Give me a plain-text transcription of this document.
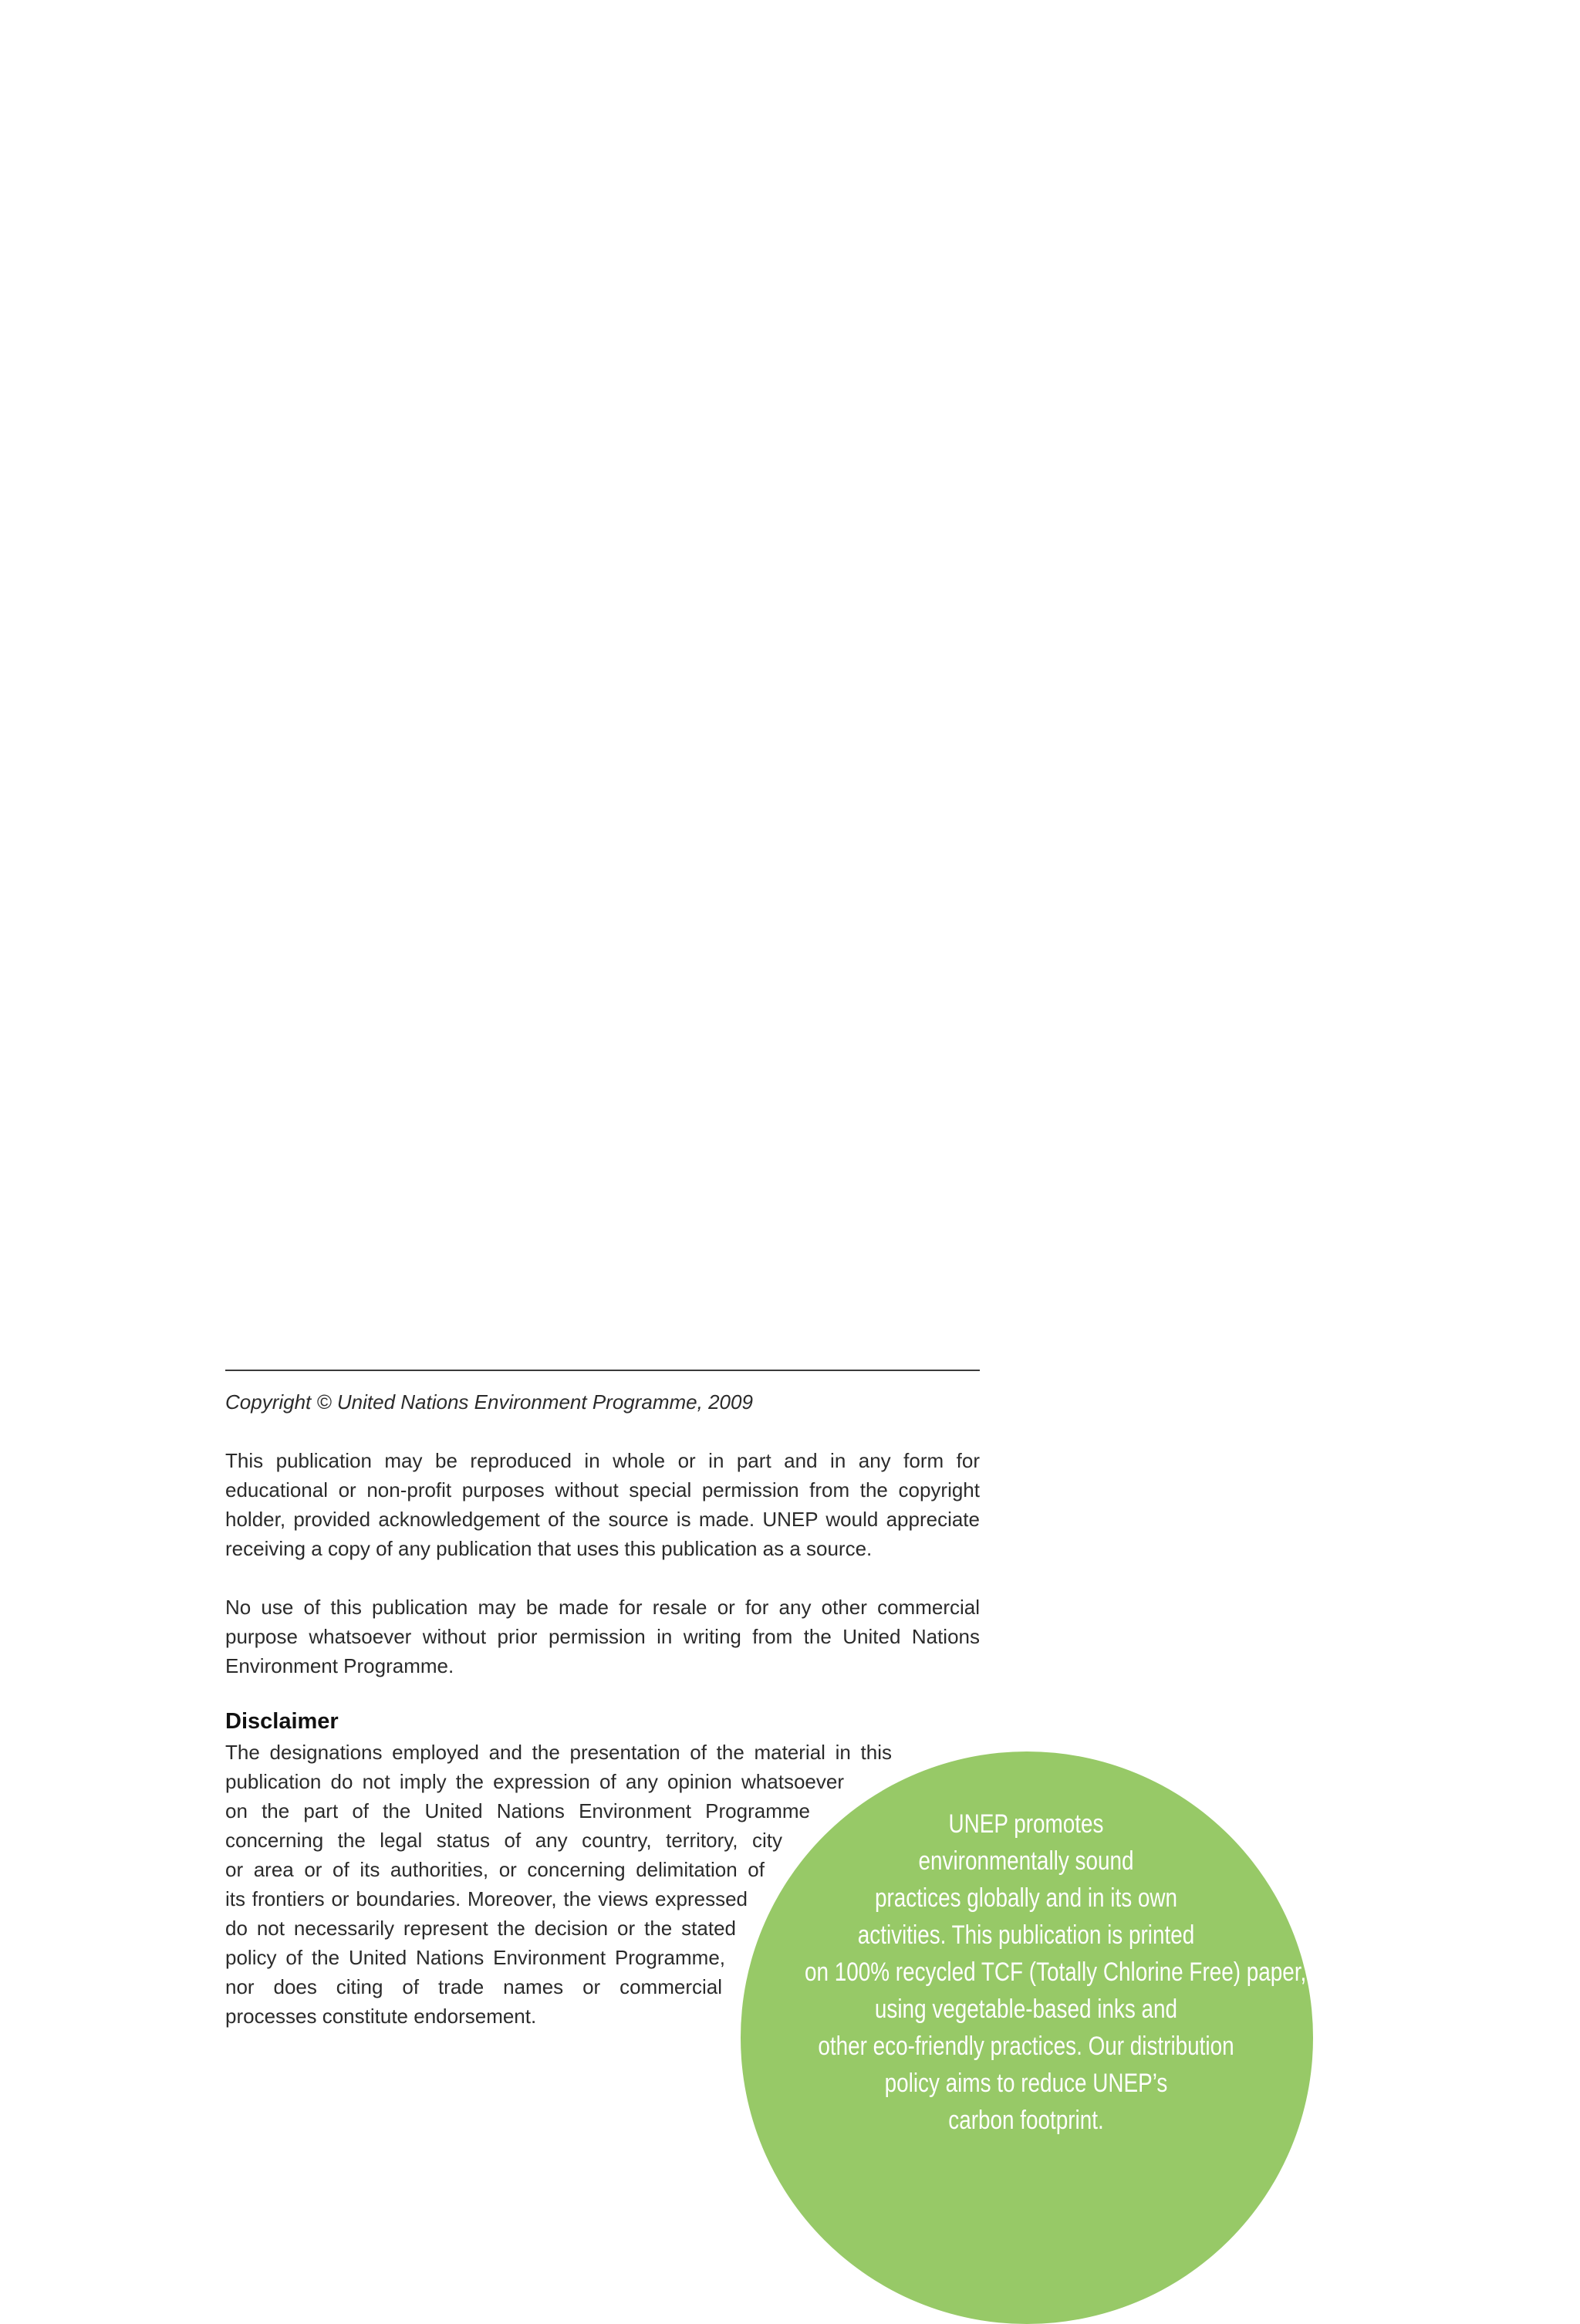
Copyright © United Nations Environment Programme, 2009

This publication may be reproduced in whole or in part and in any form for educational or non-profit purposes without special permission from the copyright holder, provided acknowledgement of the source is made. UNEP would appreciate receiving a copy of any publication that uses this publication as a source.

No use of this publication may be made for resale or for any other commercial purpose whatsoever without prior permission in writing from the United Nations Environment Programme.

Disclaimer
The designations employed and the presentation of the material in this
publication do not imply the expression of any opinion whatsoever
on the part of the United Nations Environment Programme
concerning the legal status of any country, territory, city
or area or of its authorities, or concerning delimitation of
its frontiers or boundaries. Moreover, the views expressed
do not necessarily represent the decision or the stated
policy of the United Nations Environment Programme,
nor does citing of trade names or commercial
processes constitute endorsement.
UNEP promotes
environmentally sound
practices globally and in its own
activities. This publication is printed
on 100% recycled TCF (Totally Chlorine Free) paper,
using vegetable-based inks and
other eco-friendly practices. Our distribution
policy aims to reduce UNEP’s
carbon footprint.
